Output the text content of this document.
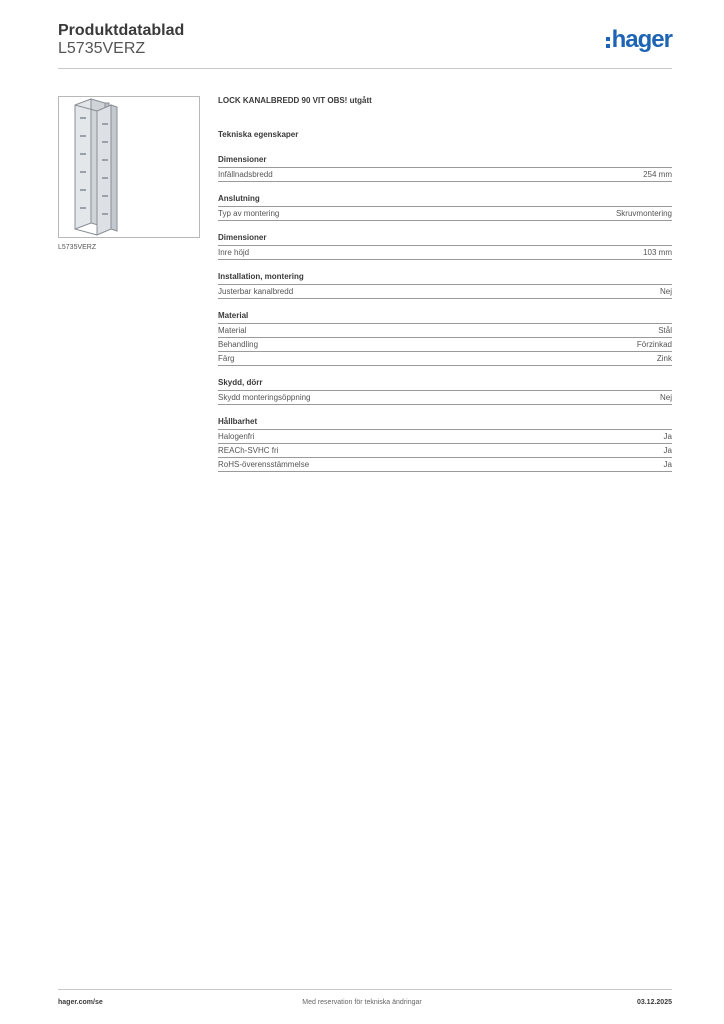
Produktdatablad
L5735VERZ	hager
L5735VERZ
LOCK KANALBREDD 90 VIT OBS! utgått
Tekniska egenskaper
Dimensioner
Infällnadsbredd	254 mm
Anslutning
Typ av montering	Skruvmontering
Dimensioner
Inre höjd	103 mm
Installation, montering
Justerbar kanalbredd	Nej
Material
Material	Stål
Behandling	Förzinkad
Färg	Zink
Skydd, dörr
Skydd monteringsöppning	Nej
Hållbarhet
Halogenfri	Ja
REACh-SVHC fri	Ja
RoHS-överensstämmelse	Ja
hager.com/se	Med reservation för tekniska ändringar	03.12.2025
